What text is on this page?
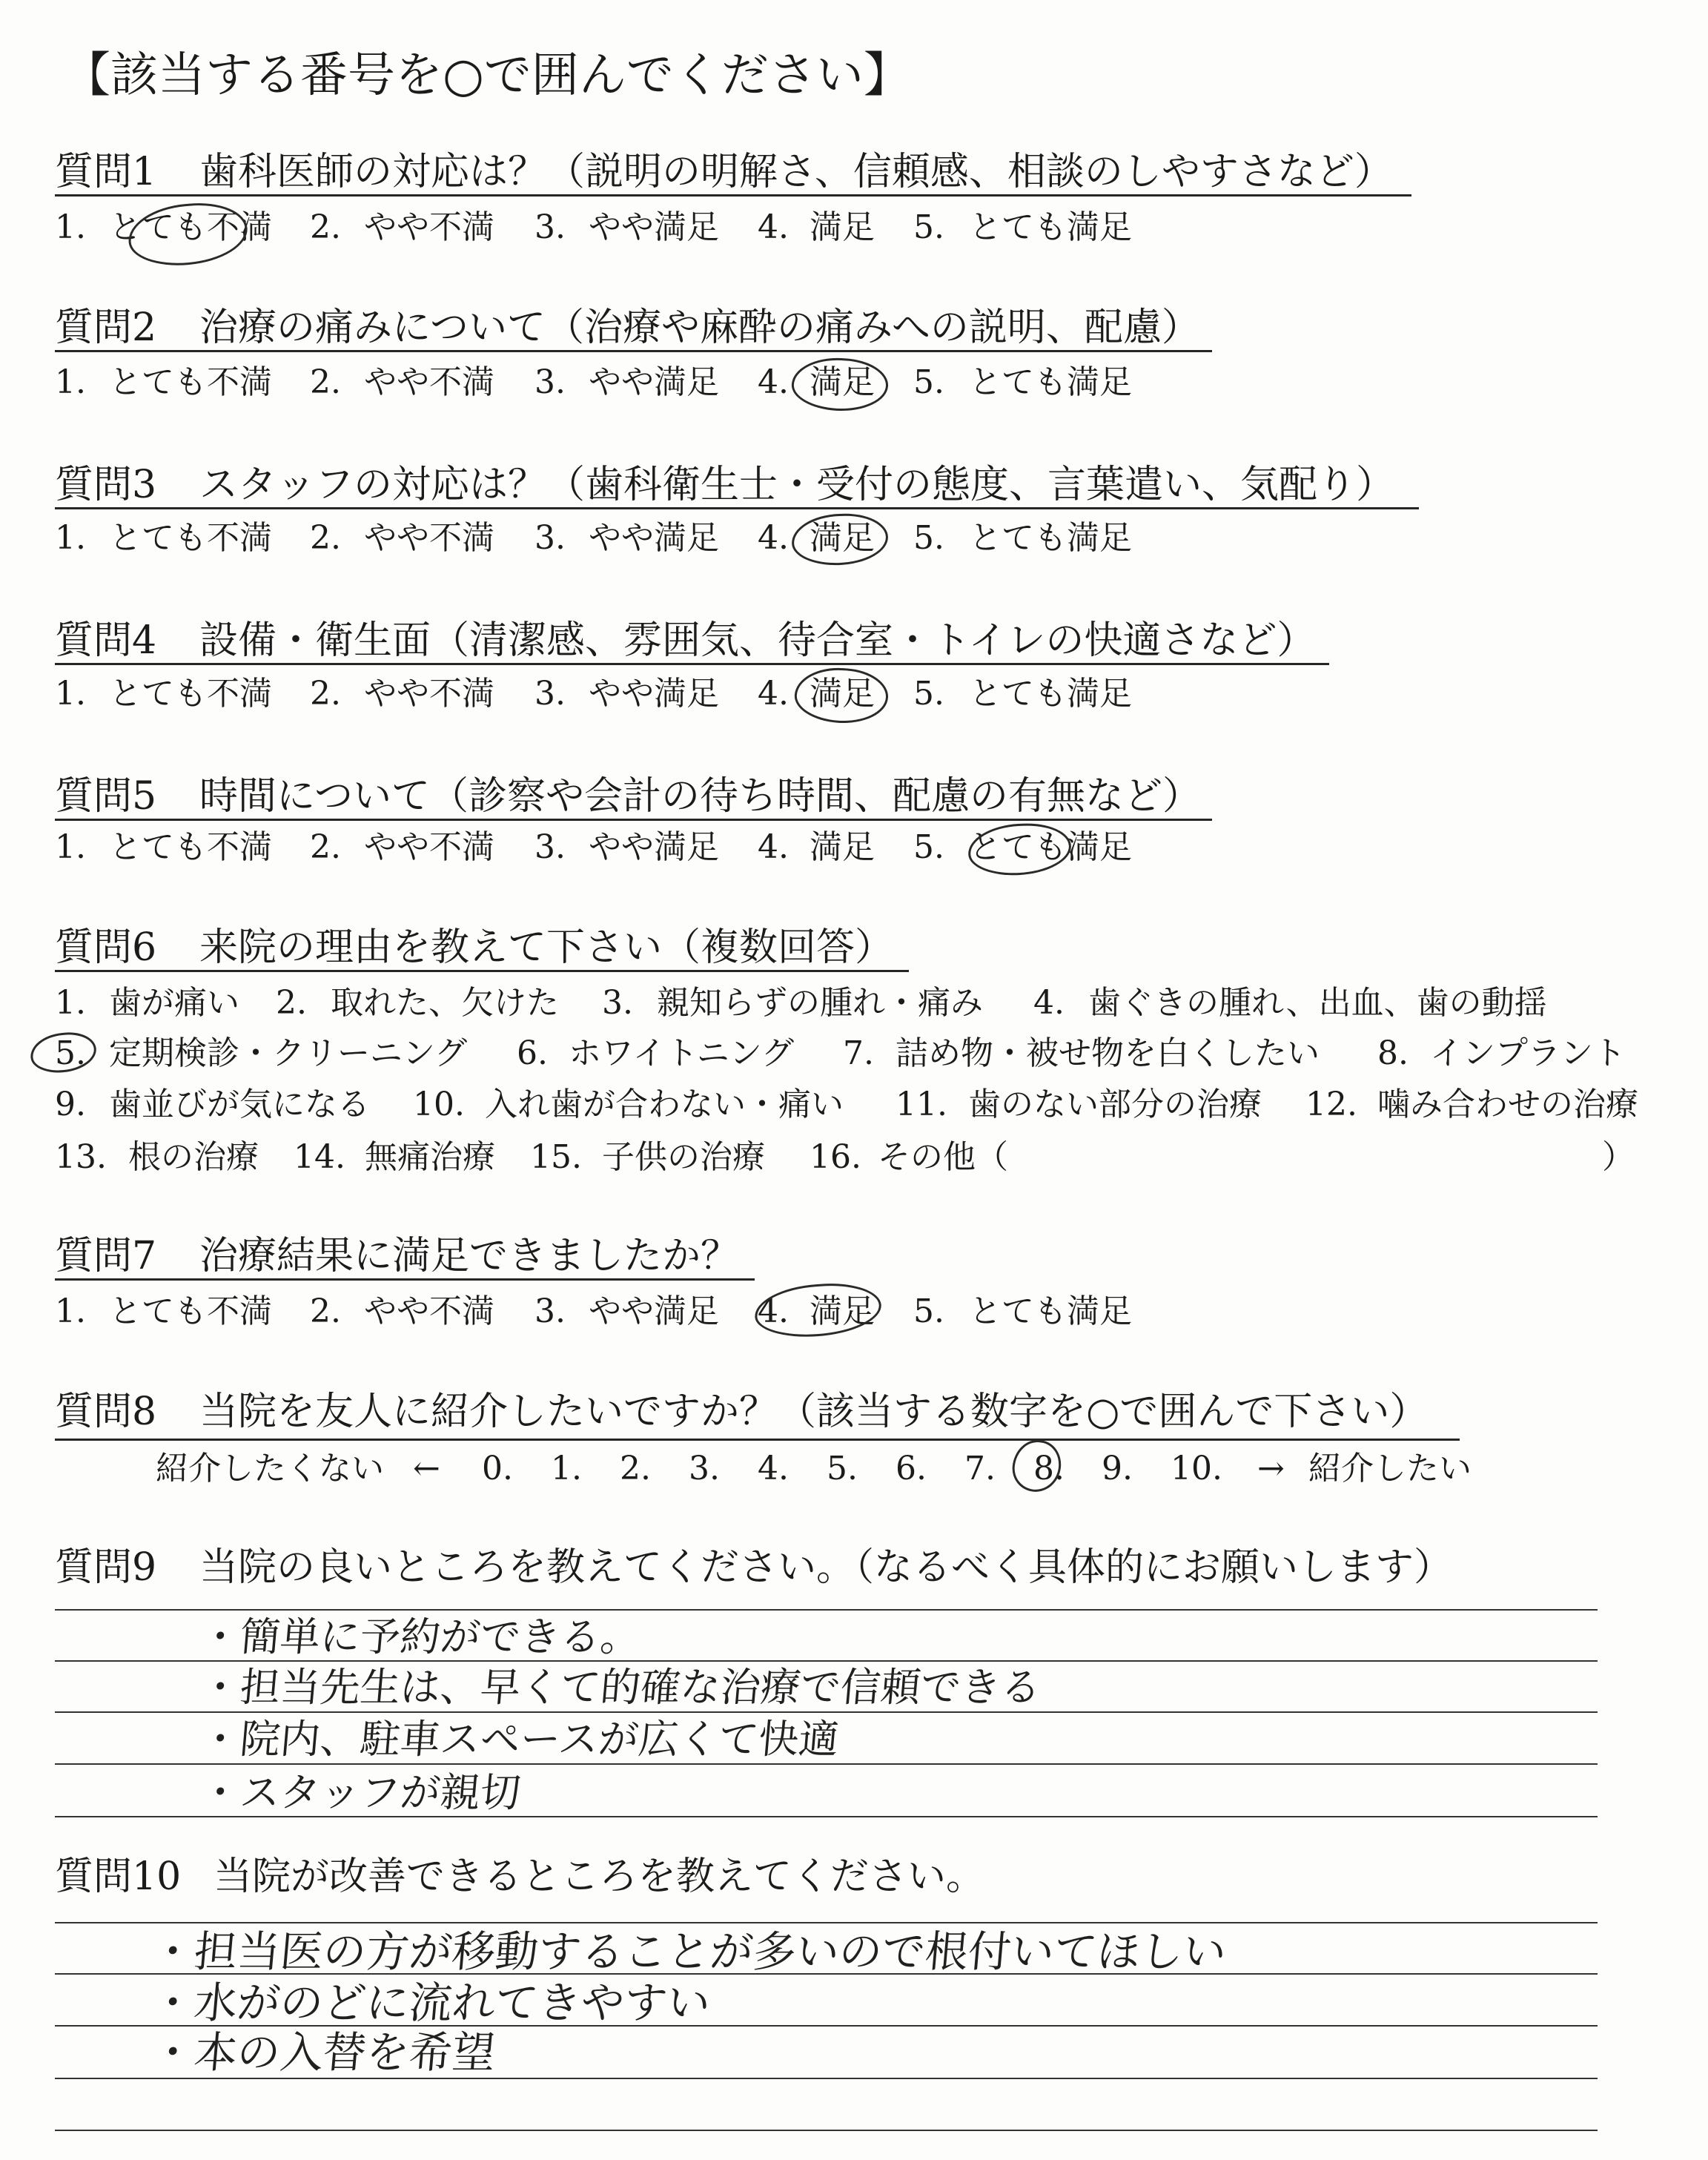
【該当する番号を○で囲んでください】
質問1 歯科医師の対応は？（説明の明解さ、信頼感、相談のしやすさなど）
1. とても不満 2. やや不満 3. やや満足 4. 満足 5. とても満足
質問2 治療の痛みについて（治療や麻酔の痛みへの説明、配慮）
1. とても不満 2. やや不満 3. やや満足 4. 満足 5. とても満足
質問3 スタッフの対応は？（歯科衛生士・受付の態度、言葉遣い、気配り）
1. とても不満 2. やや不満 3. やや満足 4. 満足 5. とても満足
質問4 設備・衛生面（清潔感、雰囲気、待合室・トイレの快適さなど）
1. とても不満 2. やや不満 3. やや満足 4. 満足 5. とても満足
質問5 時間について（診察や会計の待ち時間、配慮の有無など）
1. とても不満 2. やや不満 3. やや満足 4. 満足 5. とても満足
質問6 来院の理由を教えて下さい（複数回答）
1. 歯が痛い 2. 取れた、欠けた 3. 親知らずの腫れ・痛み 4. 歯ぐきの腫れ、出血、歯の動揺
5. 定期検診・クリーニング 6. ホワイトニング 7. 詰め物・被せ物を白くしたい 8. インプラント
9. 歯並びが気になる 10. 入れ歯が合わない・痛い 11. 歯のない部分の治療 12. 噛み合わせの治療
13. 根の治療 14. 無痛治療 15. 子供の治療 16. その他（	）
質問7 治療結果に満足できましたか？
1. とても不満 2. やや不満 3. やや満足 4. 満足 5. とても満足
質問8 当院を友人に紹介したいですか？（該当する数字を○で囲んで下さい）
紹介したくない ← 0. 1. 2. 3. 4. 5. 6. 7. 8. 9. 10. → 紹介したい
質問9 当院の良いところを教えてください。（なるべく具体的にお願いします）
・簡単に予約ができる。
・担当先生は、早くて的確な治療で信頼できる
・院内、駐車スペースが広くて快適
・スタッフが親切
質問10 当院が改善できるところを教えてください。
・担当医の方が移動することが多いので根付いてほしい
・水がのどに流れてきやすい
・本の入替を希望
